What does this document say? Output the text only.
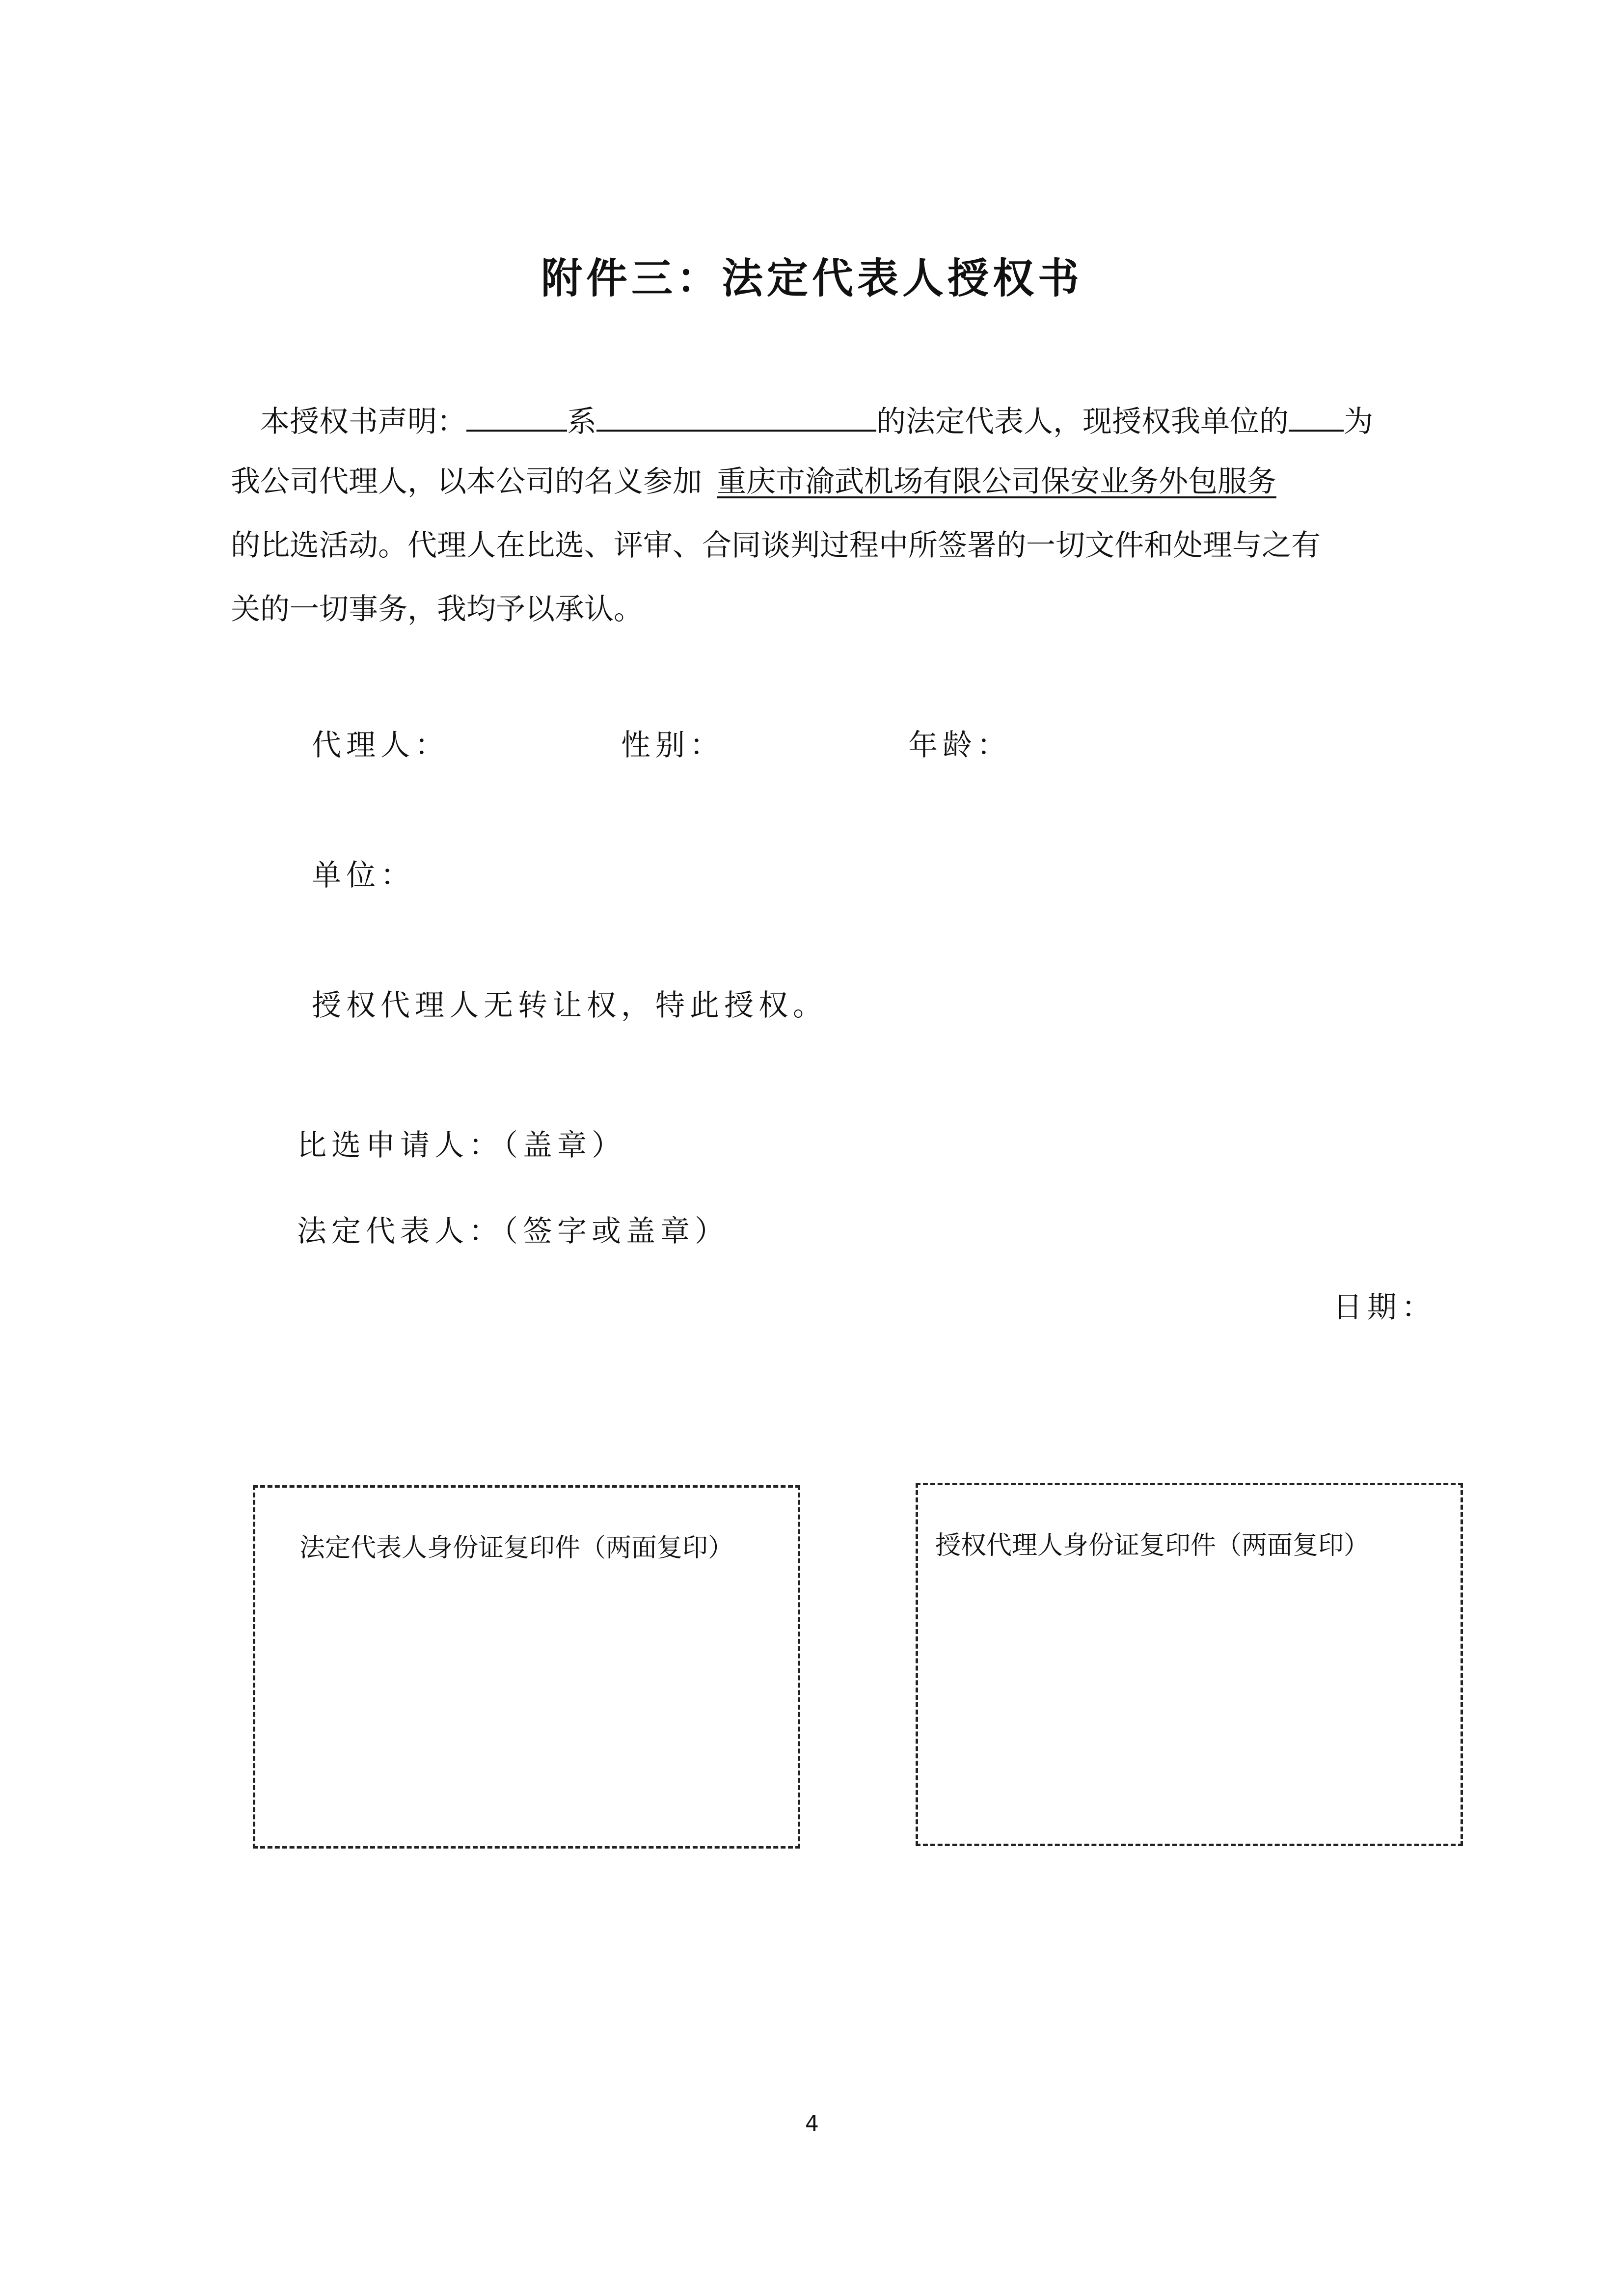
附件三：法定代表人授权书
本授权书声明：	系	的法定代表人，现授权我单位的 为
我公司代理人，以本公司的名义参加 重庆市渝武机场有限公司保安业务外包服务
的比选活动。代理人在比选、评审、合同谈判过程中所签署的一切文件和处理与之有
关的一切事务，我均予以承认。
代理人：	性别：	年龄：
单位：
授权代理人无转让权，特此授权。
比选申请人：（盖章）
法定代表人：（签字或盖章）
日期：
法定代表人身份证复印件（两面复印）	授权代理人身份证复印件（两面复印）
4
